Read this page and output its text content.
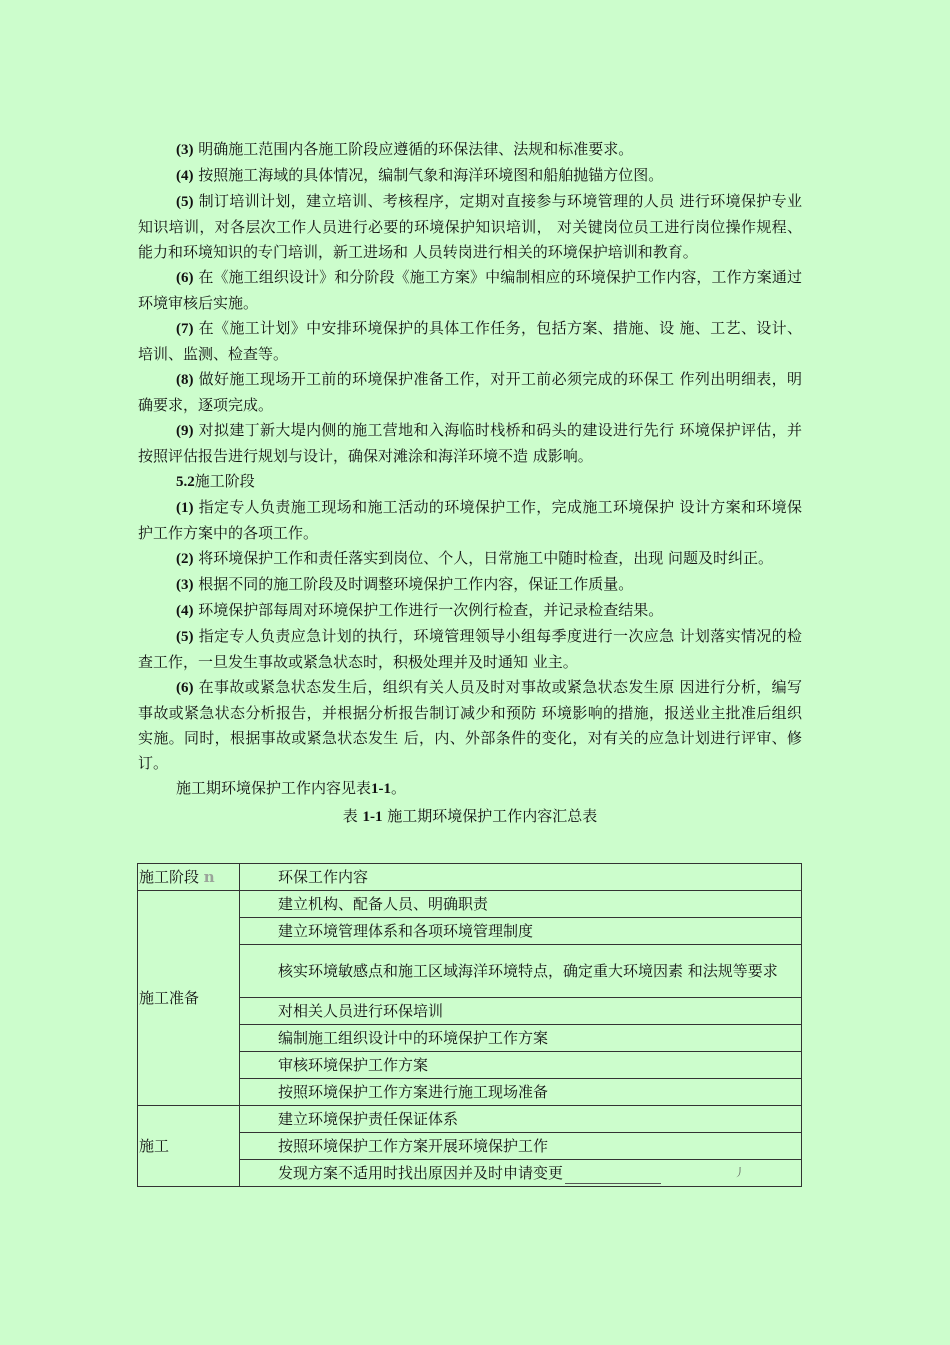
(3) 明确施工范围内各施工阶段应遵循的环保法律、法规和标准要求。

(4) 按照施工海域的具体情况，编制气象和海洋环境图和船舶抛锚方位图。

(5) 制订培训计划，建立培训、考核程序，定期对直接参与环境管理的人员 进行环境保护专业知识培训，对各层次工作人员进行必要的环境保护知识培训， 对关键岗位员工进行岗位操作规程、能力和环境知识的专门培训，新工进场和 人员转岗进行相关的环境保护培训和教育。

(6) 在《施工组织设计》和分阶段《施工方案》中编制相应的环境保护工作内容，工作方案通过环境审核后实施。

(7) 在《施工计划》中安排环境保护的具体工作任务，包括方案、措施、设 施、工艺、设计、培训、监测、检查等。

(8) 做好施工现场开工前的环境保护准备工作，对开工前必须完成的环保工 作列出明细表，明确要求，逐项完成。

(9) 对拟建丁新大堤内侧的施工营地和入海临时栈桥和码头的建设进行先行 环境保护评估，并按照评估报告进行规划与设计，确保对滩涂和海洋环境不造 成影响。

5.2施工阶段

(1) 指定专人负责施工现场和施工活动的环境保护工作，完成施工环境保护 设计方案和环境保护工作方案中的各项工作。

(2) 将环境保护工作和责任落实到岗位、个人，日常施工中随时检查，出现 问题及时纠正。

(3) 根据不同的施工阶段及时调整环境保护工作内容，保证工作质量。

(4) 环境保护部每周对环境保护工作进行一次例行检查，并记录检查结果。

(5) 指定专人负责应急计划的执行，环境管理领导小组每季度进行一次应急 计划落实情况的检查工作，一旦发生事故或紧急状态时，积极处理并及时通知 业主。

(6) 在事故或紧急状态发生后，组织有关人员及时对事故或紧急状态发生原 因进行分析，编写事故或紧急状态分析报告，并根据分析报告制订减少和预防 环境影响的措施，报送业主批准后组织实施。同时，根据事故或紧急状态发生 后，内、外部条件的变化，对有关的应急计划进行评审、修订。

施工期环境保护工作内容见表1-1。

表 1-1 施工期环境保护工作内容汇总表

施工阶段 n	环保工作内容
施工准备	建立机构、配备人员、明确职责
	建立环境管理体系和各项环境管理制度
	核实环境敏感点和施工区域海洋环境特点，确定重大环境因素 和法规等要求
	对相关人员进行环保培训
	编制施工组织设计中的环境保护工作方案
	审核环境保护工作方案
	按照环境保护工作方案进行施工现场准备
施工	建立环境保护责任保证体系
	按照环境保护工作方案开展环境保护工作
	发现方案不适用时找出原因并及时申请变更 丿
